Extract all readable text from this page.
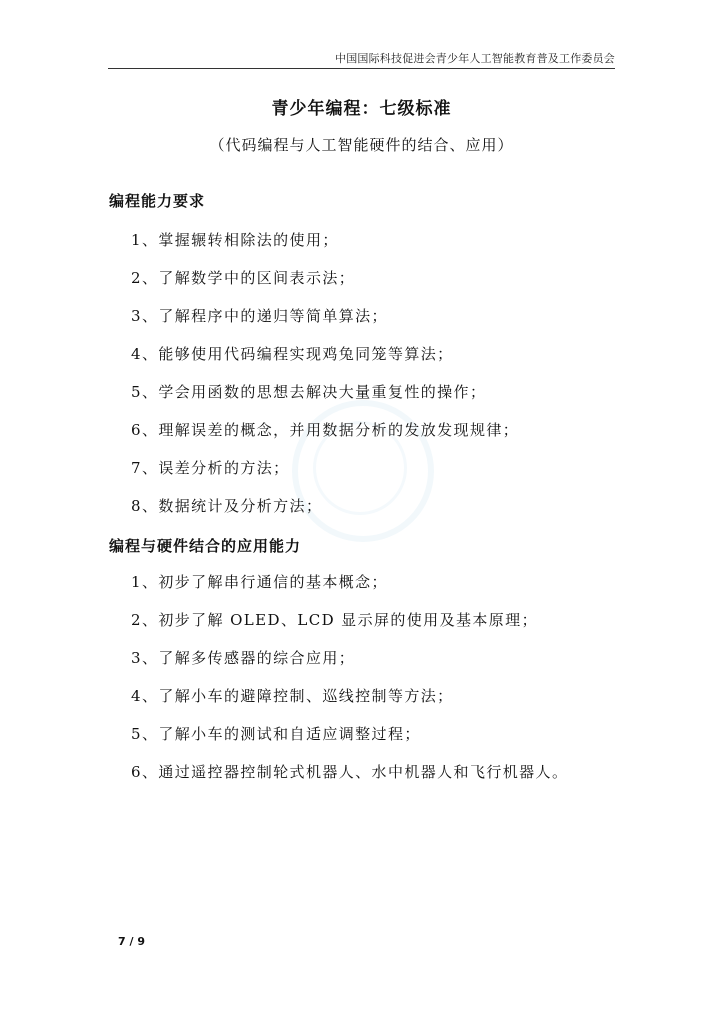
中国国际科技促进会青少年人工智能教育普及工作委员会
青少年编程：七级标准
（代码编程与人工智能硬件的结合、应用）
编程能力要求
1、掌握辗转相除法的使用；
2、了解数学中的区间表示法；
3、了解程序中的递归等简单算法；
4、能够使用代码编程实现鸡兔同笼等算法；
5、学会用函数的思想去解决大量重复性的操作；
6、理解误差的概念，并用数据分析的发放发现规律；
7、误差分析的方法；
8、数据统计及分析方法；
编程与硬件结合的应用能力
1、初步了解串行通信的基本概念；
2、初步了解 OLED、LCD 显示屏的使用及基本原理；
3、了解多传感器的综合应用；
4、了解小车的避障控制、巡线控制等方法；
5、了解小车的测试和自适应调整过程；
6、通过遥控器控制轮式机器人、水中机器人和飞行机器人。
7 / 9
